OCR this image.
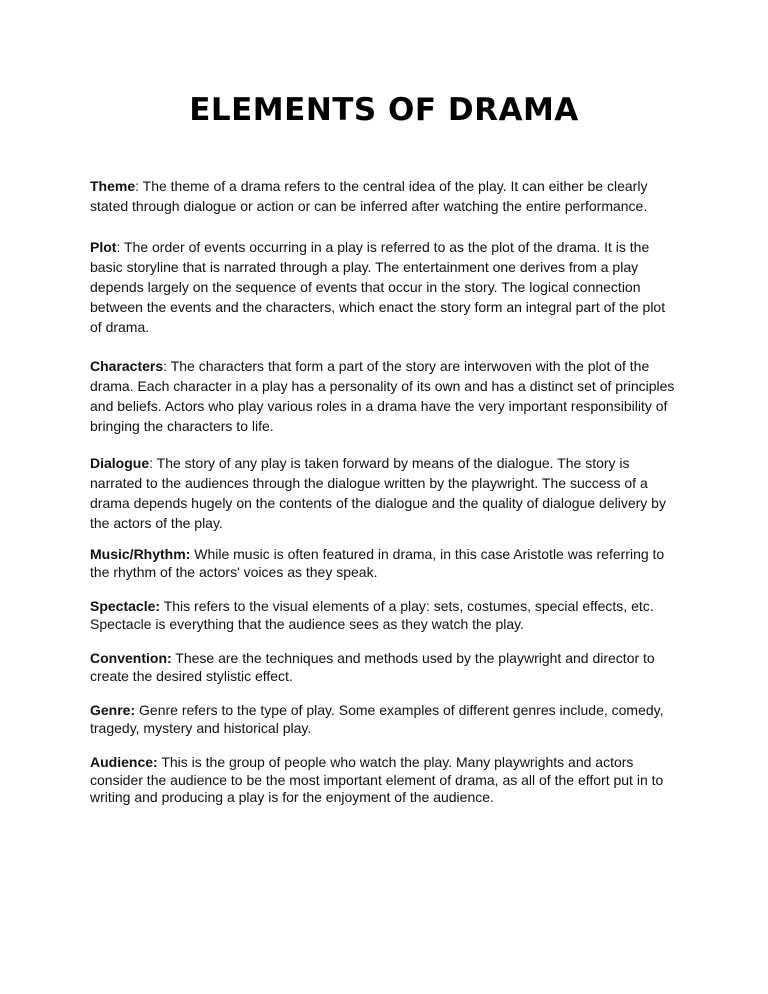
ELEMENTS OF DRAMA

Theme: The theme of a drama refers to the central idea of the play. It can either be clearly stated through dialogue or action or can be inferred after watching the entire performance.

Plot: The order of events occurring in a play is referred to as the plot of the drama. It is the basic storyline that is narrated through a play. The entertainment one derives from a play depends largely on the sequence of events that occur in the story. The logical connection between the events and the characters, which enact the story form an integral part of the plot of drama.

Characters: The characters that form a part of the story are interwoven with the plot of the drama. Each character in a play has a personality of its own and has a distinct set of principles and beliefs. Actors who play various roles in a drama have the very important responsibility of bringing the characters to life.

Dialogue: The story of any play is taken forward by means of the dialogue. The story is narrated to the audiences through the dialogue written by the playwright. The success of a drama depends hugely on the contents of the dialogue and the quality of dialogue delivery by the actors of the play.

Music/Rhythm: While music is often featured in drama, in this case Aristotle was referring to the rhythm of the actors' voices as they speak.

Spectacle: This refers to the visual elements of a play: sets, costumes, special effects, etc. Spectacle is everything that the audience sees as they watch the play.

Convention: These are the techniques and methods used by the playwright and director to create the desired stylistic effect.

Genre: Genre refers to the type of play. Some examples of different genres include, comedy, tragedy, mystery and historical play.

Audience: This is the group of people who watch the play. Many playwrights and actors consider the audience to be the most important element of drama, as all of the effort put in to writing and producing a play is for the enjoyment of the audience.
